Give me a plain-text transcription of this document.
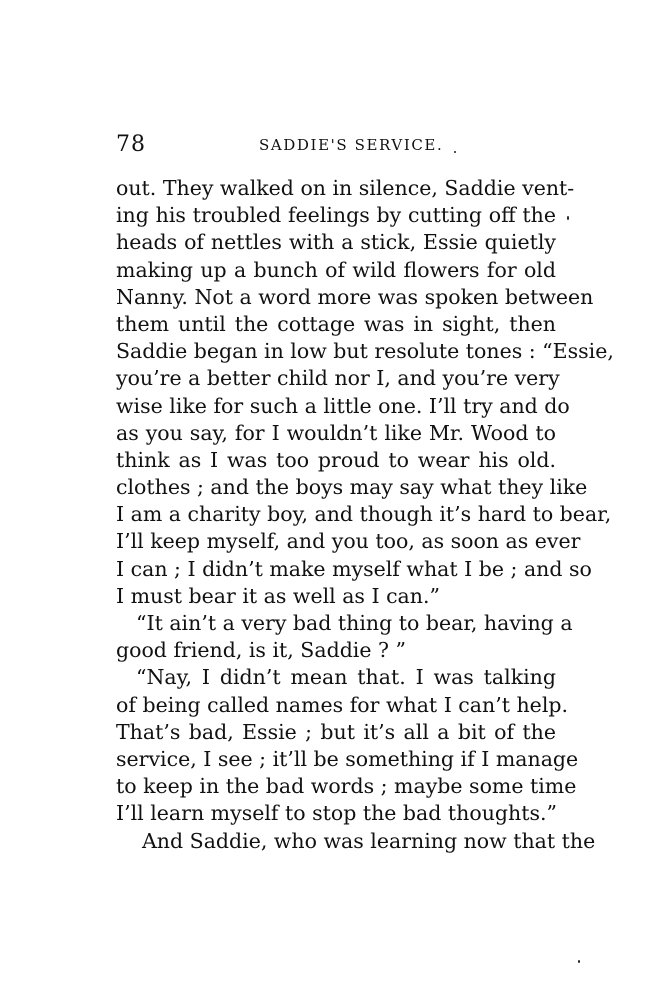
78	SADDIE'S SERVICE.
out. They walked on in silence, Saddie vent-
ing his troubled feelings by cutting off the
heads of nettles with a stick, Essie quietly
making up a bunch of wild flowers for old
Nanny. Not a word more was spoken between
them until the cottage was in sight, then
Saddie began in low but resolute tones : “Essie,
you’re a better child nor I, and you’re very
wise like for such a little one. I’ll try and do
as you say, for I wouldn’t like Mr. Wood to
think as I was too proud to wear his old.
clothes ; and the boys may say what they like
I am a charity boy, and though it’s hard to bear,
I’ll keep myself, and you too, as soon as ever
I can ; I didn’t make myself what I be ; and so
I must bear it as well as I can.”
“It ain’t a very bad thing to bear, having a
good friend, is it, Saddie ? ”
“Nay, I didn’t mean that. I was talking
of being called names for what I can’t help.
That’s bad, Essie ; but it’s all a bit of the
service, I see ; it’ll be something if I manage
to keep in the bad words ; maybe some time
I’ll learn myself to stop the bad thoughts.”
And Saddie, who was learning now that the
